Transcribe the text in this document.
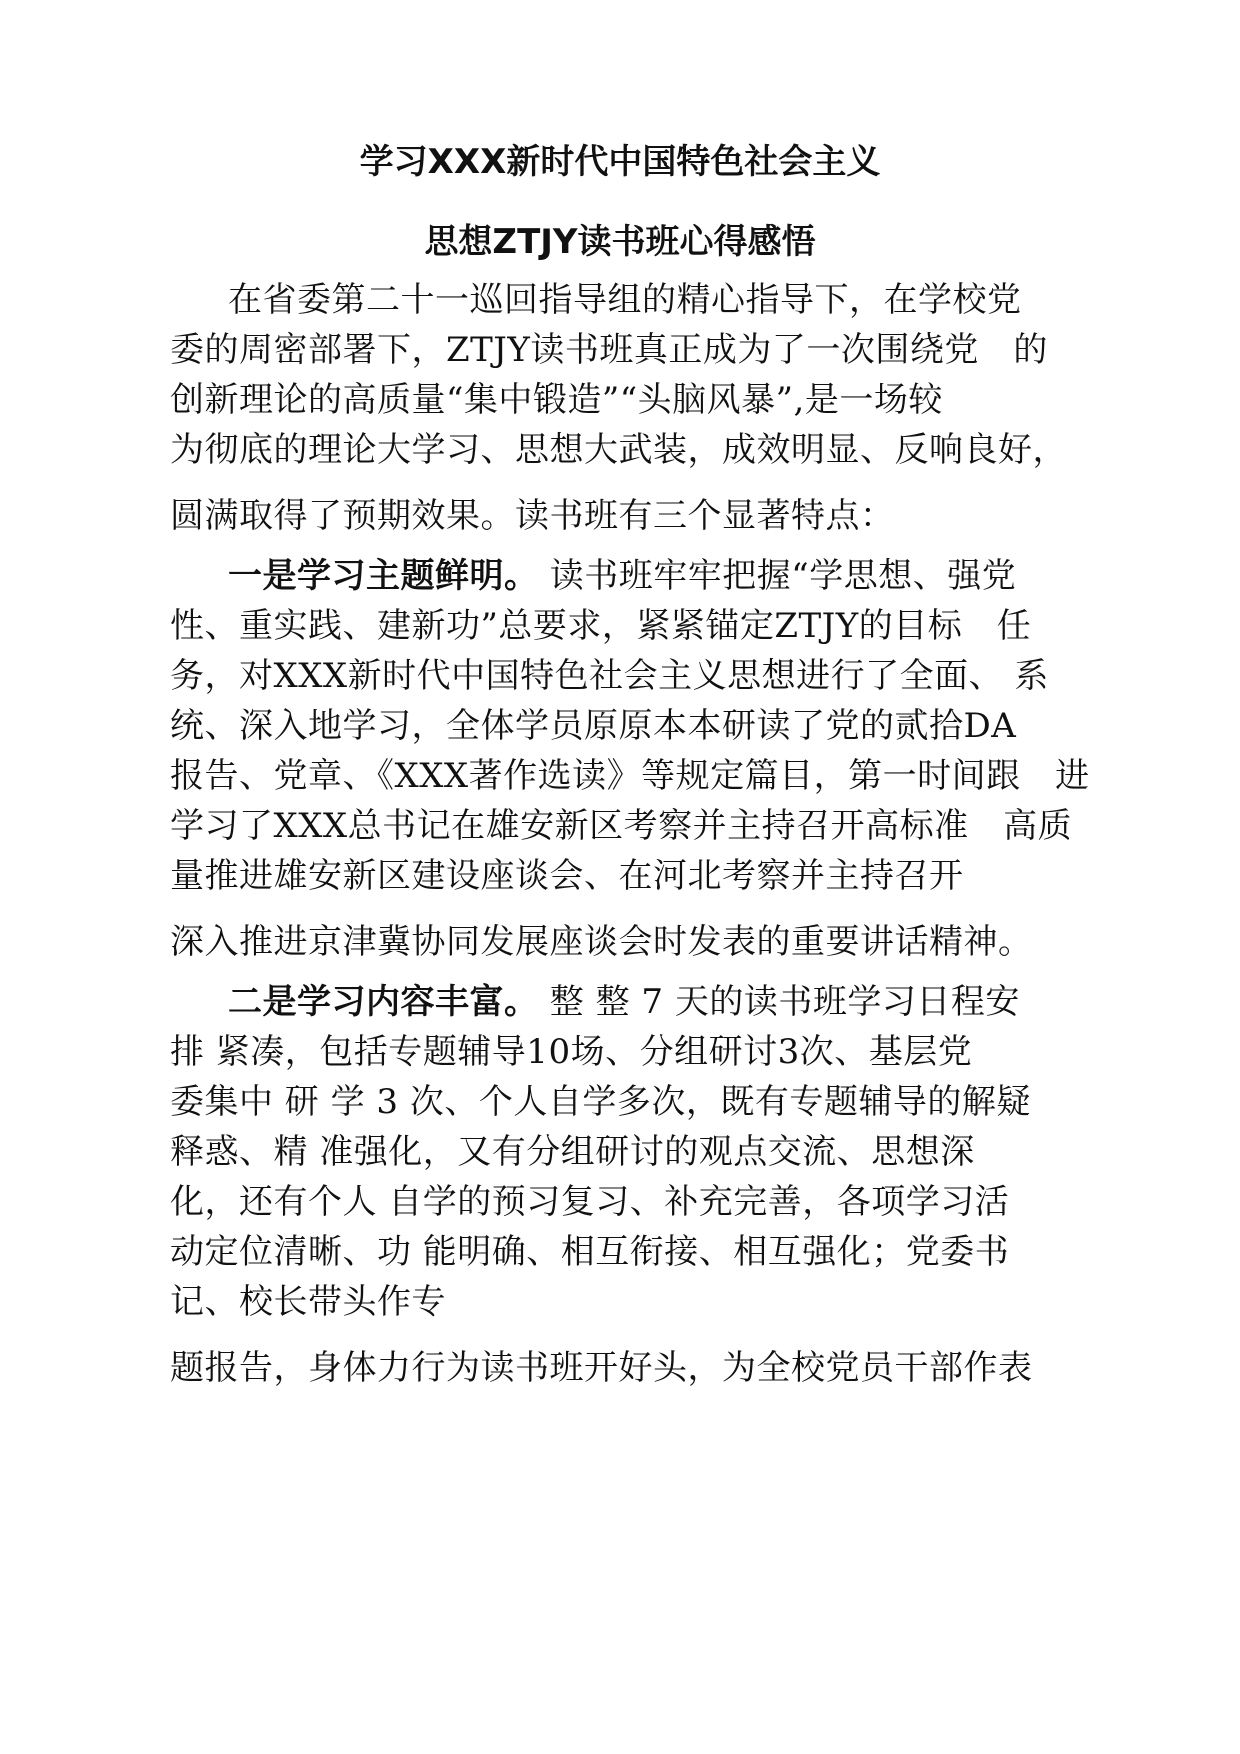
学习XXX新时代中国特色社会主义
思想ZTJY读书班心得感悟
在省委第二十一巡回指导组的精心指导下，在学校党
委的周密部署下，ZTJY读书班真正成为了一次围绕党　的
创新理论的高质量“集中锻造”“头脑风暴”,是一场较
为彻底的理论大学习、思想大武装，成效明显、反响良好，
圆满取得了预期效果。读书班有三个显著特点：
一是学习主题鲜明。 读书班牢牢把握“学思想、强党
性、重实践、建新功”总要求，紧紧锚定ZTJY的目标　任
务，对XXX新时代中国特色社会主义思想进行了全面、 系
统、深入地学习，全体学员原原本本研读了党的贰拾DA
报告、党章、《XXX著作选读》等规定篇目，第一时间跟　进
学习了XXX总书记在雄安新区考察并主持召开高标准　高质
量推进雄安新区建设座谈会、在河北考察并主持召开
深入推进京津冀协同发展座谈会时发表的重要讲话精神。
二是学习内容丰富。 整 整 7 天的读书班学习日程安
排 紧凑，包括专题辅导10场、分组研讨3次、基层党
委集中 研 学 3 次、个人自学多次，既有专题辅导的解疑
释惑、精 准强化，又有分组研讨的观点交流、思想深
化，还有个人 自学的预习复习、补充完善，各项学习活
动定位清晰、功 能明确、相互衔接、相互强化；党委书
记、校长带头作专
题报告，身体力行为读书班开好头，为全校党员干部作表
